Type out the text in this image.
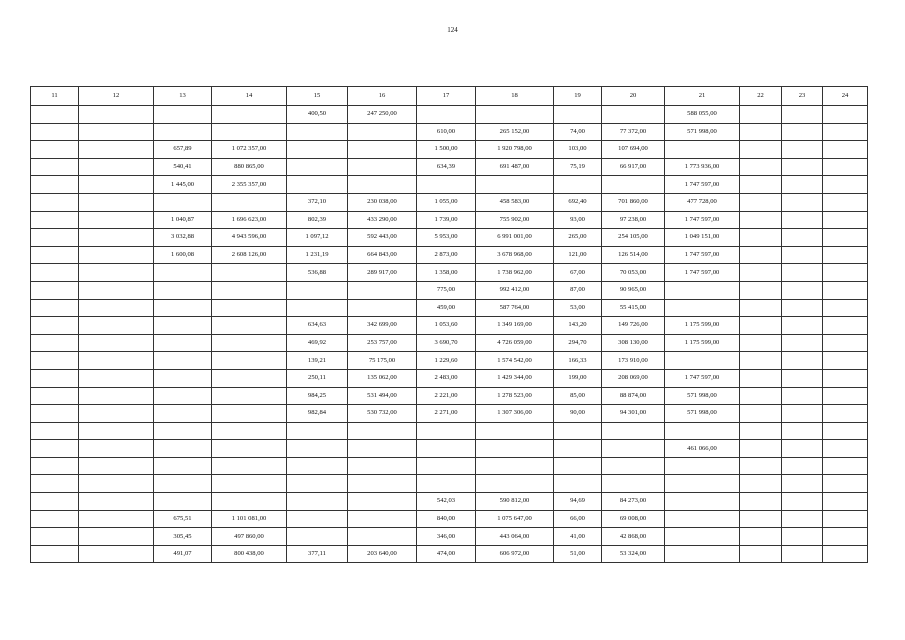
124
11	12	13	14	15	16	17	18	19	20	21	22	23	24
				400,50	247 250,00					588 055,00			
						610,00	265 152,00	74,00	77 372,00	571 998,00			
		657,89	1 072 357,00			1 500,00	1 920 798,00	103,00	107 694,00				
		540,41	880 865,00			634,39	691 487,00	75,19	66 917,00	1 773 936,00			
		1 445,00	2 355 357,00							1 747 597,00			
				372,10	230 038,00	1 055,00	458 583,00	692,40	701 860,00	477 728,00			
		1 040,87	1 696 623,00	802,39	433 290,00	1 739,00	755 902,00	93,00	97 238,00	1 747 597,00			
		3 032,88	4 943 596,00	1 097,12	592 443,00	5 953,00	6 991 001,00	265,00	254 105,00	1 049 151,00			
		1 600,08	2 608 126,00	1 231,19	664 843,00	2 873,00	3 678 968,00	121,00	126 514,00	1 747 597,00			
				536,88	289 917,00	1 358,00	1 738 962,00	67,00	70 053,00	1 747 597,00			
						775,00	992 412,00	87,00	90 965,00				
						459,00	587 764,00	53,00	55 415,00				
				634,63	342 699,00	1 053,60	1 349 169,00	143,20	149 726,00	1 175 599,00			
				469,92	253 757,00	3 690,70	4 726 059,00	294,70	308 130,00	1 175 599,00			
				139,21	75 175,00	1 229,60	1 574 542,00	166,33	173 910,00				
				250,11	135 062,00	2 483,00	1 429 344,00	199,00	208 069,00	1 747 597,00			
				984,25	531 494,00	2 221,00	1 278 523,00	85,00	88 874,00	571 998,00			
				982,84	530 732,00	2 271,00	1 307 306,00	90,00	94 301,00	571 998,00			

										461 066,00			

						542,03	590 812,00	94,69	84 273,00				
		675,51	1 101 081,00			840,00	1 075 647,00	66,00	69 008,00				
		305,45	497 860,00			346,00	443 064,00	41,00	42 868,00				
		491,07	800 438,00	377,11	203 640,00	474,00	606 972,00	51,00	53 324,00				
